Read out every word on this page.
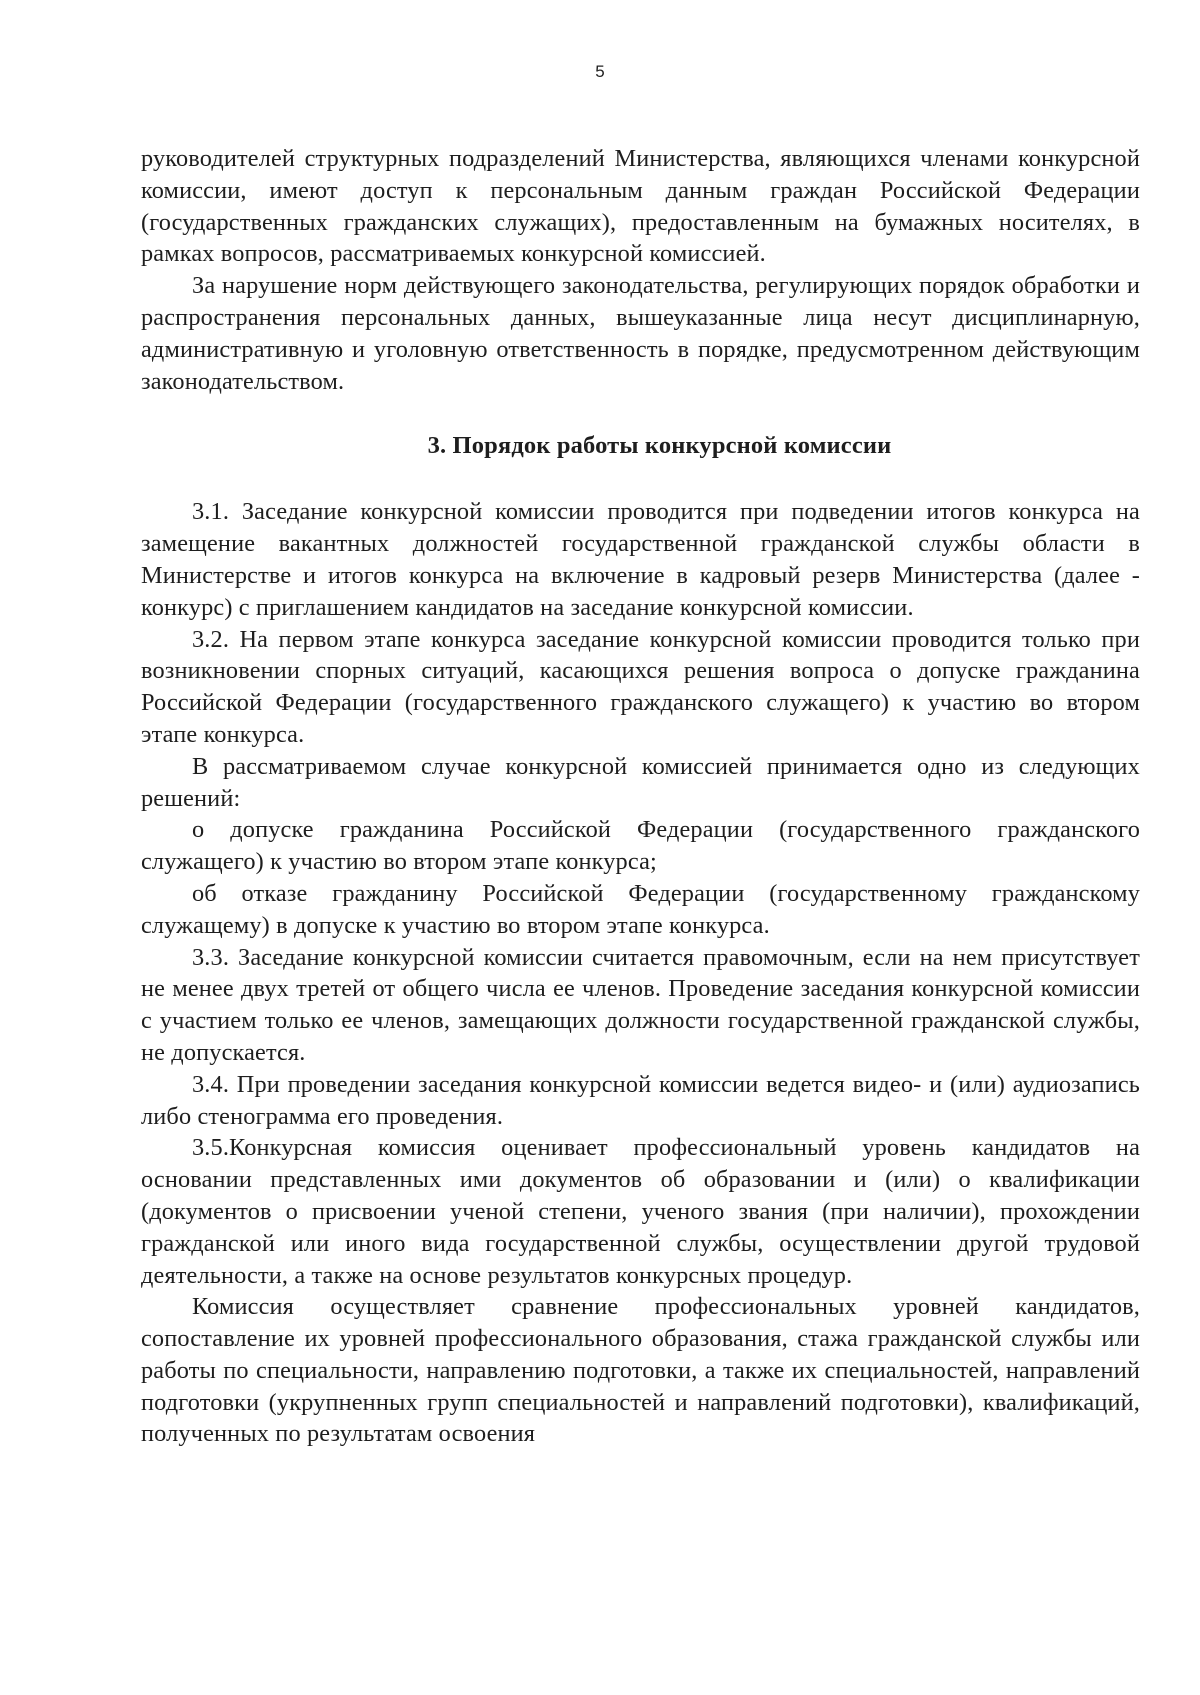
5

руководителей структурных подразделений Министерства, являющихся членами конкурсной комиссии, имеют доступ к персональным данным граждан Российской Федерации (государственных гражданских служащих), предоставленным на бумажных носителях, в рамках вопросов, рассматриваемых конкурсной комиссией.

За нарушение норм действующего законодательства, регулирующих порядок обработки и распространения персональных данных, вышеуказанные лица несут дисциплинарную, административную и уголовную ответственность в порядке, предусмотренном действующим законодательством.

3. Порядок работы конкурсной комиссии

3.1. Заседание конкурсной комиссии проводится при подведении итогов конкурса на замещение вакантных должностей государственной гражданской службы области в Министерстве и итогов конкурса на включение в кадровый резерв Министерства (далее - конкурс) с приглашением кандидатов на заседание конкурсной комиссии.

3.2. На первом этапе конкурса заседание конкурсной комиссии проводится только при возникновении спорных ситуаций, касающихся решения вопроса о допуске гражданина Российской Федерации (государственного гражданского служащего) к участию во втором этапе конкурса.

В рассматриваемом случае конкурсной комиссией принимается одно из следующих решений:

о допуске гражданина Российской Федерации (государственного гражданского служащего) к участию во втором этапе конкурса;

об отказе гражданину Российской Федерации (государственному гражданскому служащему) в допуске к участию во втором этапе конкурса.

3.3. Заседание конкурсной комиссии считается правомочным, если на нем присутствует не менее двух третей от общего числа ее членов. Проведение заседания конкурсной комиссии с участием только ее членов, замещающих должности государственной гражданской службы, не допускается.

3.4. При проведении заседания конкурсной комиссии ведется видео- и (или) аудиозапись либо стенограмма его проведения.

3.5.Конкурсная комиссия оценивает профессиональный уровень кандидатов на основании представленных ими документов об образовании и (или) о квалификации (документов о присвоении ученой степени, ученого звания (при наличии), прохождении гражданской или иного вида государственной службы, осуществлении другой трудовой деятельности, а также на основе результатов конкурсных процедур.

Комиссия осуществляет сравнение профессиональных уровней кандидатов, сопоставление их уровней профессионального образования, стажа гражданской службы или работы по специальности, направлению подготовки, а также их специальностей, направлений подготовки (укрупненных групп специальностей и направлений подготовки), квалификаций, полученных по результатам освоения
